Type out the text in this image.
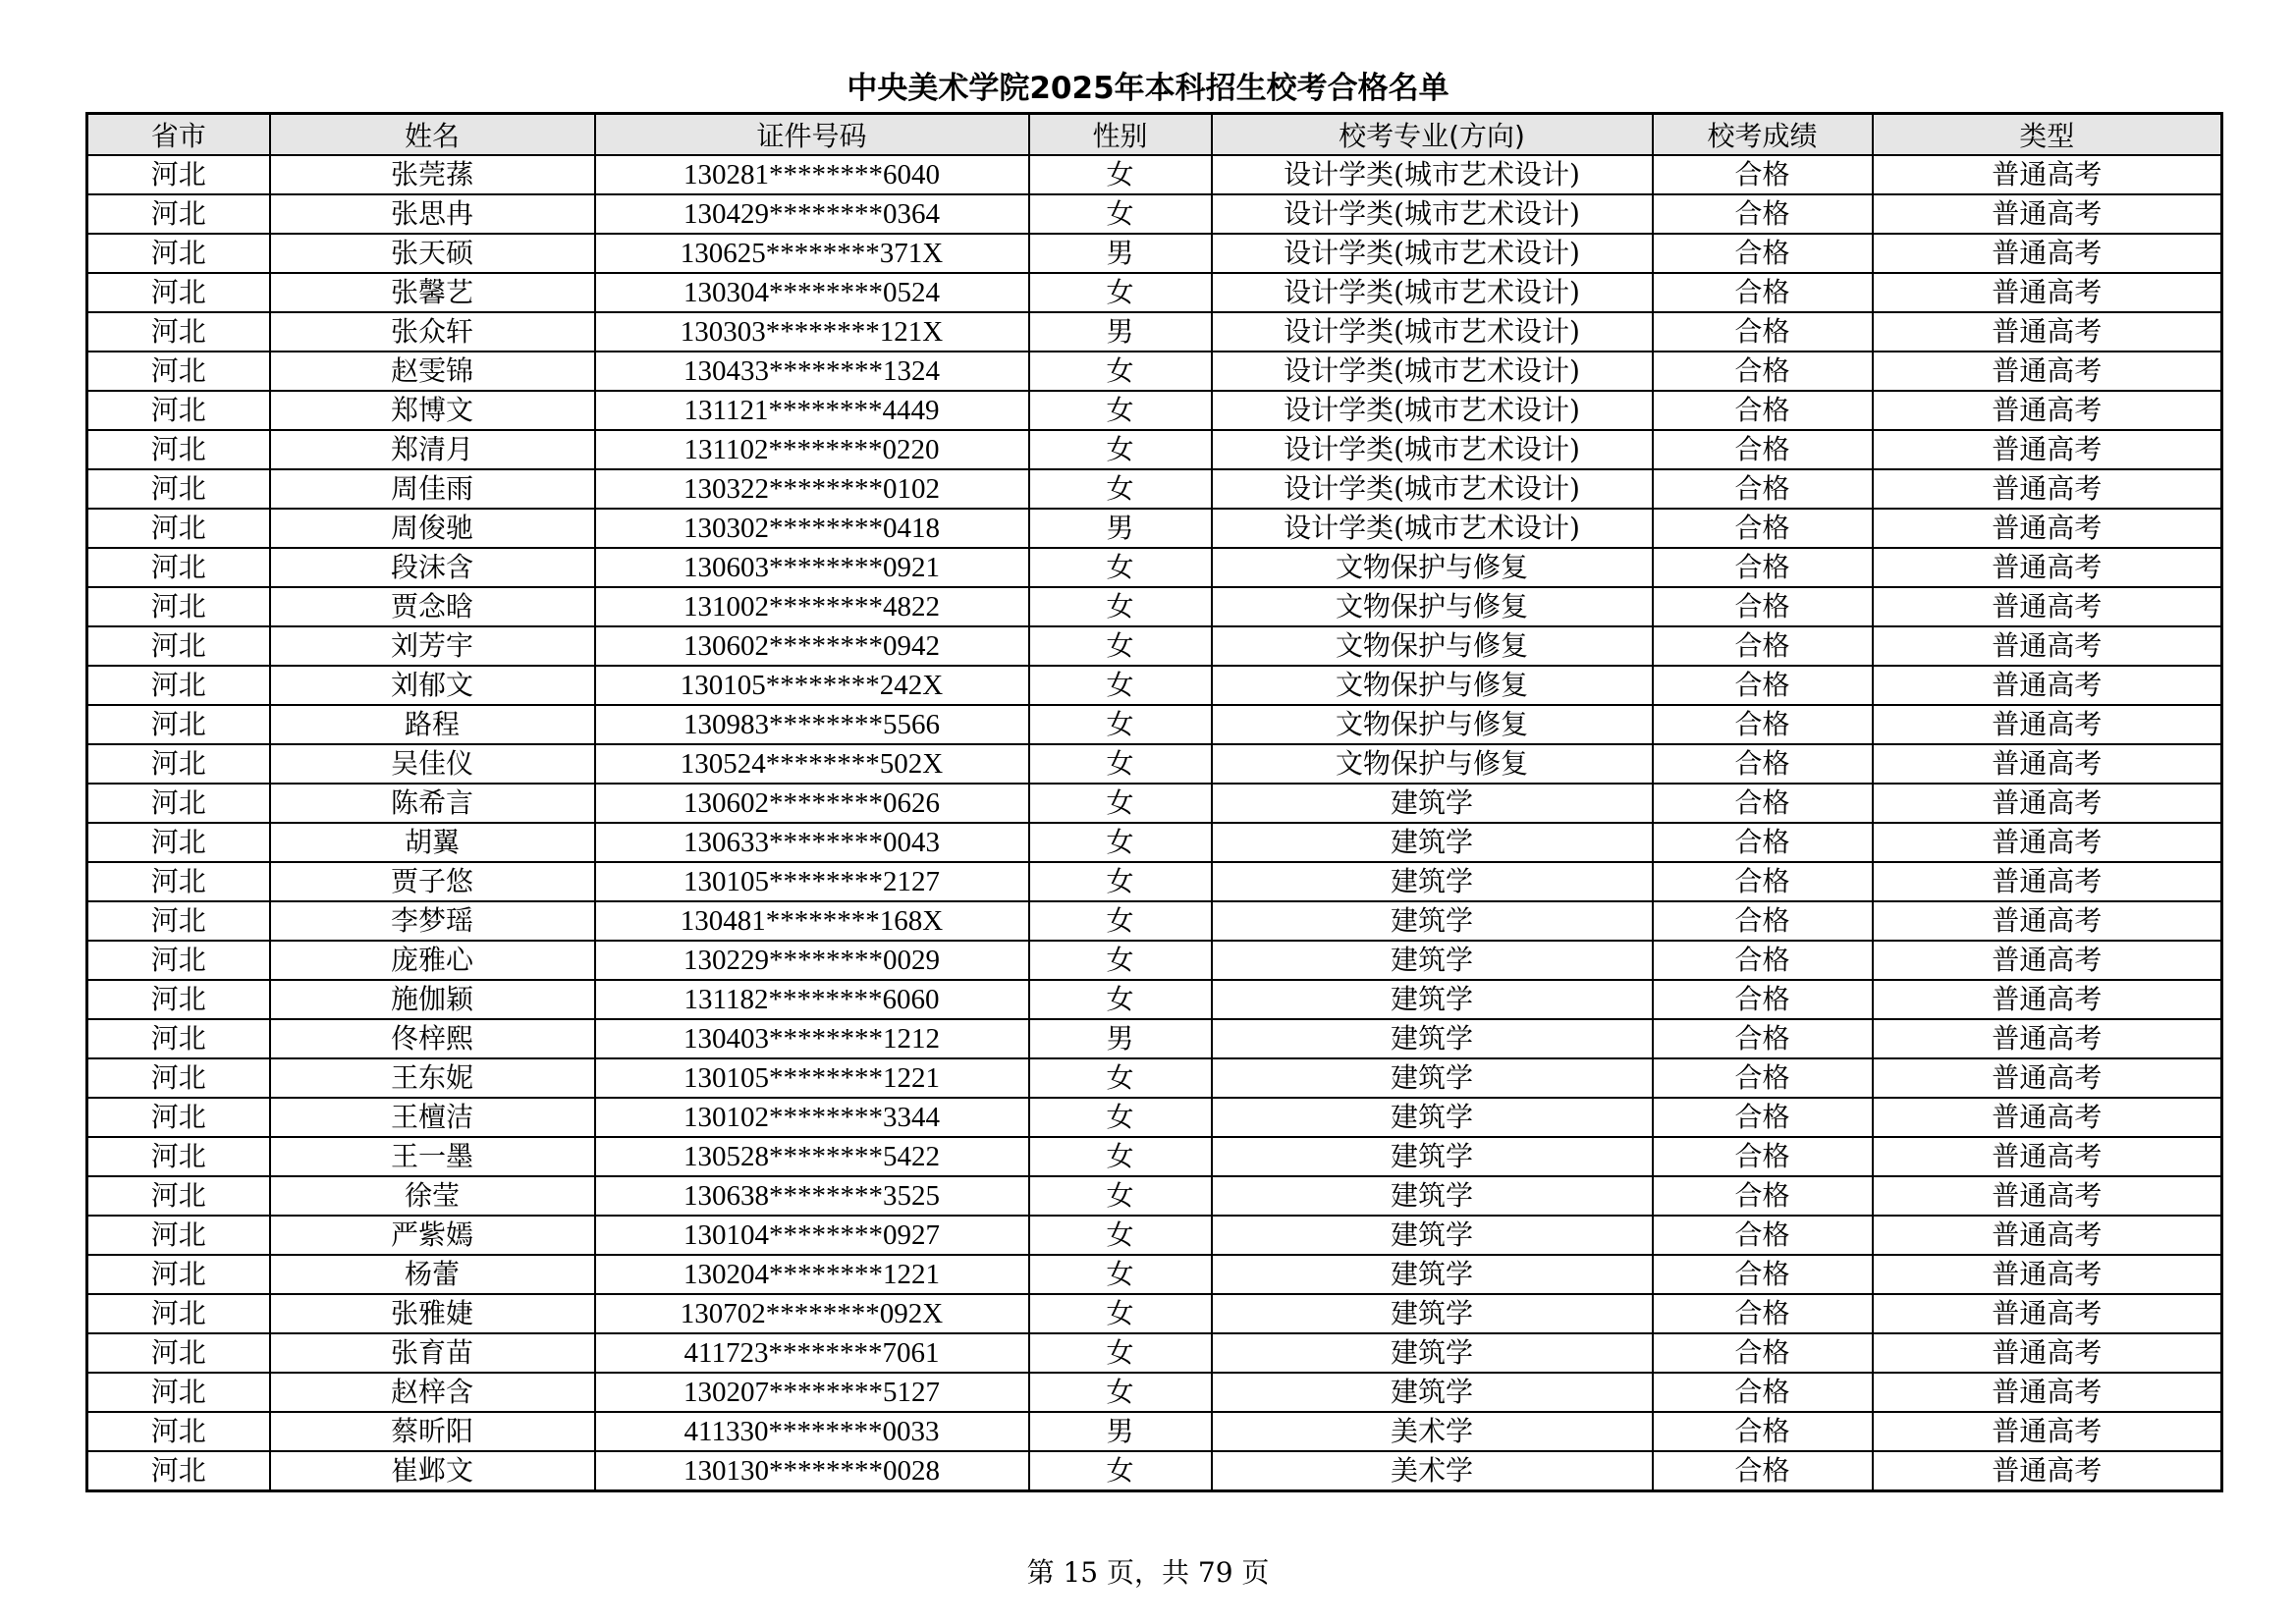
中央美术学院2025年本科招生校考合格名单
省市	姓名	证件号码	性别	校考专业(方向)	校考成绩	类型
河北	张莞蓀	130281********6040	女	设计学类(城市艺术设计)	合格	普通高考
河北	张思冉	130429********0364	女	设计学类(城市艺术设计)	合格	普通高考
河北	张天硕	130625********371X	男	设计学类(城市艺术设计)	合格	普通高考
河北	张馨艺	130304********0524	女	设计学类(城市艺术设计)	合格	普通高考
河北	张众轩	130303********121X	男	设计学类(城市艺术设计)	合格	普通高考
河北	赵雯锦	130433********1324	女	设计学类(城市艺术设计)	合格	普通高考
河北	郑博文	131121********4449	女	设计学类(城市艺术设计)	合格	普通高考
河北	郑清月	131102********0220	女	设计学类(城市艺术设计)	合格	普通高考
河北	周佳雨	130322********0102	女	设计学类(城市艺术设计)	合格	普通高考
河北	周俊驰	130302********0418	男	设计学类(城市艺术设计)	合格	普通高考
河北	段沫含	130603********0921	女	文物保护与修复	合格	普通高考
河北	贾念晗	131002********4822	女	文物保护与修复	合格	普通高考
河北	刘芳宇	130602********0942	女	文物保护与修复	合格	普通高考
河北	刘郁文	130105********242X	女	文物保护与修复	合格	普通高考
河北	路程	130983********5566	女	文物保护与修复	合格	普通高考
河北	吴佳仪	130524********502X	女	文物保护与修复	合格	普通高考
河北	陈希言	130602********0626	女	建筑学	合格	普通高考
河北	胡翼	130633********0043	女	建筑学	合格	普通高考
河北	贾子悠	130105********2127	女	建筑学	合格	普通高考
河北	李梦瑶	130481********168X	女	建筑学	合格	普通高考
河北	庞雅心	130229********0029	女	建筑学	合格	普通高考
河北	施伽颖	131182********6060	女	建筑学	合格	普通高考
河北	佟梓熙	130403********1212	男	建筑学	合格	普通高考
河北	王东妮	130105********1221	女	建筑学	合格	普通高考
河北	王檀洁	130102********3344	女	建筑学	合格	普通高考
河北	王一墨	130528********5422	女	建筑学	合格	普通高考
河北	徐莹	130638********3525	女	建筑学	合格	普通高考
河北	严紫嫣	130104********0927	女	建筑学	合格	普通高考
河北	杨蕾	130204********1221	女	建筑学	合格	普通高考
河北	张雅婕	130702********092X	女	建筑学	合格	普通高考
河北	张育苗	411723********7061	女	建筑学	合格	普通高考
河北	赵梓含	130207********5127	女	建筑学	合格	普通高考
河北	蔡昕阳	411330********0033	男	美术学	合格	普通高考
河北	崔邺文	130130********0028	女	美术学	合格	普通高考
第 15 页，共 79 页
